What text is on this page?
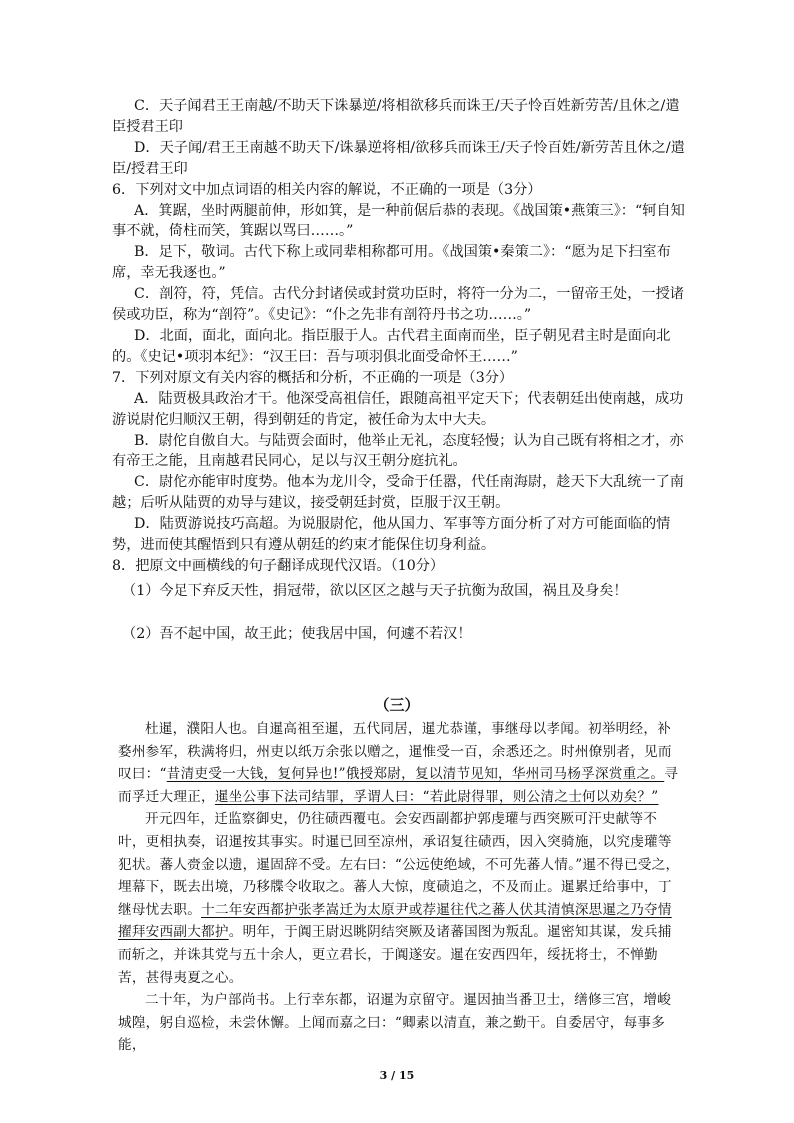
C．天子闻君王王南越/不助天下诛暴逆/将相欲移兵而诛王/天子怜百姓新劳苦/且休之/遣臣授君王印

D．天子闻/君王王南越不助天下/诛暴逆将相/欲移兵而诛王/天子怜百姓/新劳苦且休之/遣臣/授君王印

6．下列对文中加点词语的相关内容的解说，不正确的一项是（3分）

A．箕踞，坐时两腿前伸，形如箕，是一种前倨后恭的表现。《战国策•燕策三》：“轲自知事不就，倚柱而笑，箕踞以骂曰……。”

B．足下，敬词。古代下称上或同辈相称都可用。《战国策•秦策二》：“愿为足下扫室布席，幸无我逐也。”

C．剖符，符，凭信。古代分封诸侯或封赏功臣时，将符一分为二，一留帝王处，一授诸侯或功臣，称为“剖符”。《史记》：“仆之先非有剖符丹书之功……。”

D．北面，面北，面向北。指臣服于人。古代君主面南而坐，臣子朝见君主时是面向北的。《史记•项羽本纪》：“汉王曰：吾与项羽俱北面受命怀王……”

7．下列对原文有关内容的概括和分析，不正确的一项是（3分）

A．陆贾极具政治才干。他深受高祖信任，跟随高祖平定天下；代表朝廷出使南越，成功游说尉佗归顺汉王朝，得到朝廷的肯定，被任命为太中大夫。

B．尉佗自傲自大。与陆贾会面时，他举止无礼，态度轻慢；认为自己既有将相之才，亦有帝王之能，且南越君民同心，足以与汉王朝分庭抗礼。

C．尉佗亦能审时度势。他本为龙川令，受命于任嚣，代任南海尉，趁天下大乱统一了南越；后听从陆贾的劝导与建议，接受朝廷封赏，臣服于汉王朝。

D．陆贾游说技巧高超。为说服尉佗，他从国力、军事等方面分析了对方可能面临的情势，进而使其醒悟到只有遵从朝廷的约束才能保住切身利益。

8．把原文中画横线的句子翻译成现代汉语。（10分）

（1）今足下弃反天性，捐冠带，欲以区区之越与天子抗衡为敌国，祸且及身矣！

（2）吾不起中国，故王此；使我居中国，何遽不若汉！

（三）

杜暹，濮阳人也。自暹高祖至暹，五代同居，暹尤恭谨，事继母以孝闻。初举明经，补婺州参军，秩满将归，州吏以纸万余张以赠之，暹惟受一百，余悉还之。时州僚别者，见而叹曰：“昔清吏受一大钱，复何异也!”俄授郑尉，复以清节见知，华州司马杨孚深赏重之。寻而孚迁大理正，暹坐公事下法司结罪，孚谓人曰：“若此尉得罪，则公清之士何以劝矣？”

开元四年，迁监察御史，仍往碛西覆屯。会安西副都护郭虔瓘与西突厥可汗史献等不叶，更相执奏，诏暹按其事实。时暹已回至凉州，承诏复往碛西，因入突骑施，以究虔瓘等犯状。蕃人赍金以遗，暹固辞不受。左右曰：“公远使绝域，不可先蕃人情。”暹不得已受之，埋幕下，既去出境，乃移牒令收取之。蕃人大惊，度碛追之，不及而止。暹累迁给事中，丁继母忧去职。十二年安西都护张孝嵩迁为太原尹或荐暹往代之蕃人伏其清慎深思暹之乃夺情擢拜安西副大都护。明年，于阗王尉迟眺阴结突厥及诸蕃国图为叛乱。暹密知其谋，发兵捕而斩之，并诛其党与五十余人，更立君长，于阗遂安。暹在安西四年，绥抚将士，不惮勤苦，甚得夷夏之心。

二十年，为户部尚书。上行幸东都，诏暹为京留守。暹因抽当番卫士，缮修三宫，增峻城隍，躬自巡检，未尝休懈。上闻而嘉之曰：“卿素以清直，兼之勤干。自委居守，每事多能，

3 / 15
